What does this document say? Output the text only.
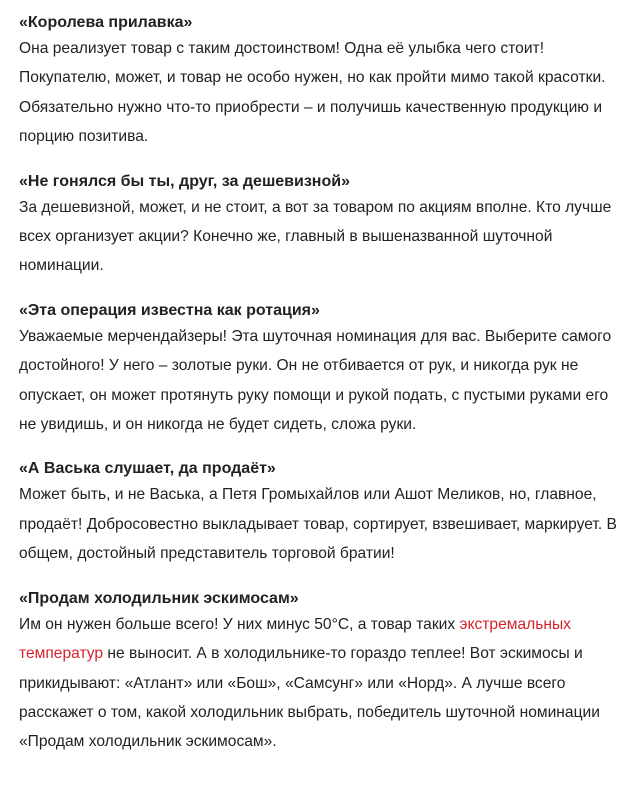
«Королева прилавка»

Она реализует товар с таким достоинством! Одна её улыбка чего стоит! Покупателю, может, и товар не особо нужен, но как пройти мимо такой красотки. Обязательно нужно что-то приобрести – и получишь качественную продукцию и порцию позитива.

«Не гонялся бы ты, друг, за дешевизной»

За дешевизной, может, и не стоит, а вот за товаром по акциям вполне. Кто лучше всех организует акции? Конечно же, главный в вышеназванной шуточной номинации.

«Эта операция известна как ротация»

Уважаемые мерчендайзеры! Эта шуточная номинация для вас. Выберите самого достойного! У него – золотые руки. Он не отбивается от рук, и никогда рук не опускает, он может протянуть руку помощи и рукой подать, с пустыми руками его не увидишь, и он никогда не будет сидеть, сложа руки.

«А Васька слушает, да продаёт»

Может быть, и не Васька, а Петя Громыхайлов или Ашот Меликов, но, главное, продаёт! Добросовестно выкладывает товар, сортирует, взвешивает, маркирует. В общем, достойный представитель торговой братии!

«Продам холодильник эскимосам»

Им он нужен больше всего! У них минус 50°С, а товар таких экстремальных температур не выносит. А в холодильнике-то гораздо теплее! Вот эскимосы и прикидывают: «Атлант» или «Бош», «Самсунг» или «Норд». А лучше всего расскажет о том, какой холодильник выбрать, победитель шуточной номинации «Продам холодильник эскимосам».
